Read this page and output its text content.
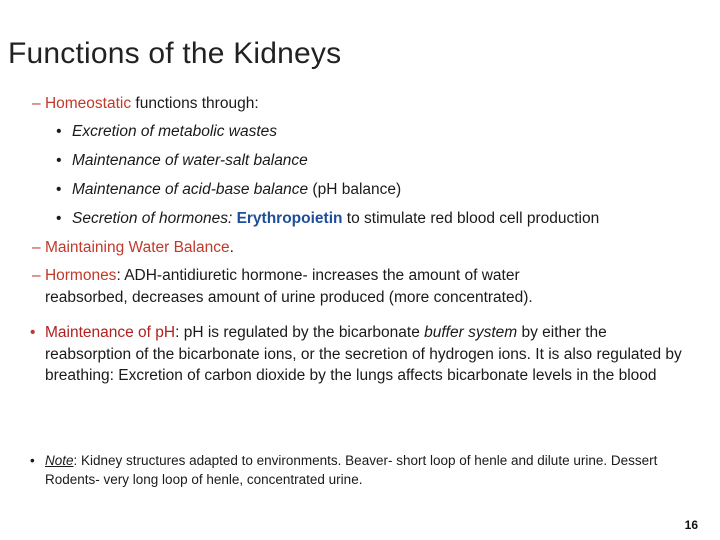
Functions of the Kidneys
– Homeostatic functions through:
• Excretion of metabolic wastes
• Maintenance of water-salt balance
• Maintenance of acid-base balance (pH balance)
• Secretion of hormones: Erythropoietin to stimulate red blood cell production
– Maintaining Water Balance.
– Hormones: ADH-antidiuretic hormone- increases the amount of water
reabsorbed, decreases amount of urine produced (more concentrated).
• Maintenance of pH: pH is regulated by the bicarbonate buffer system by either the reabsorption of the bicarbonate ions, or the secretion of hydrogen ions. It is also regulated by breathing: Excretion of carbon dioxide by the lungs affects bicarbonate levels in the blood
• Note: Kidney structures adapted to environments. Beaver- short loop of henle and dilute urine. Dessert Rodents- very long loop of henle, concentrated urine.
16
